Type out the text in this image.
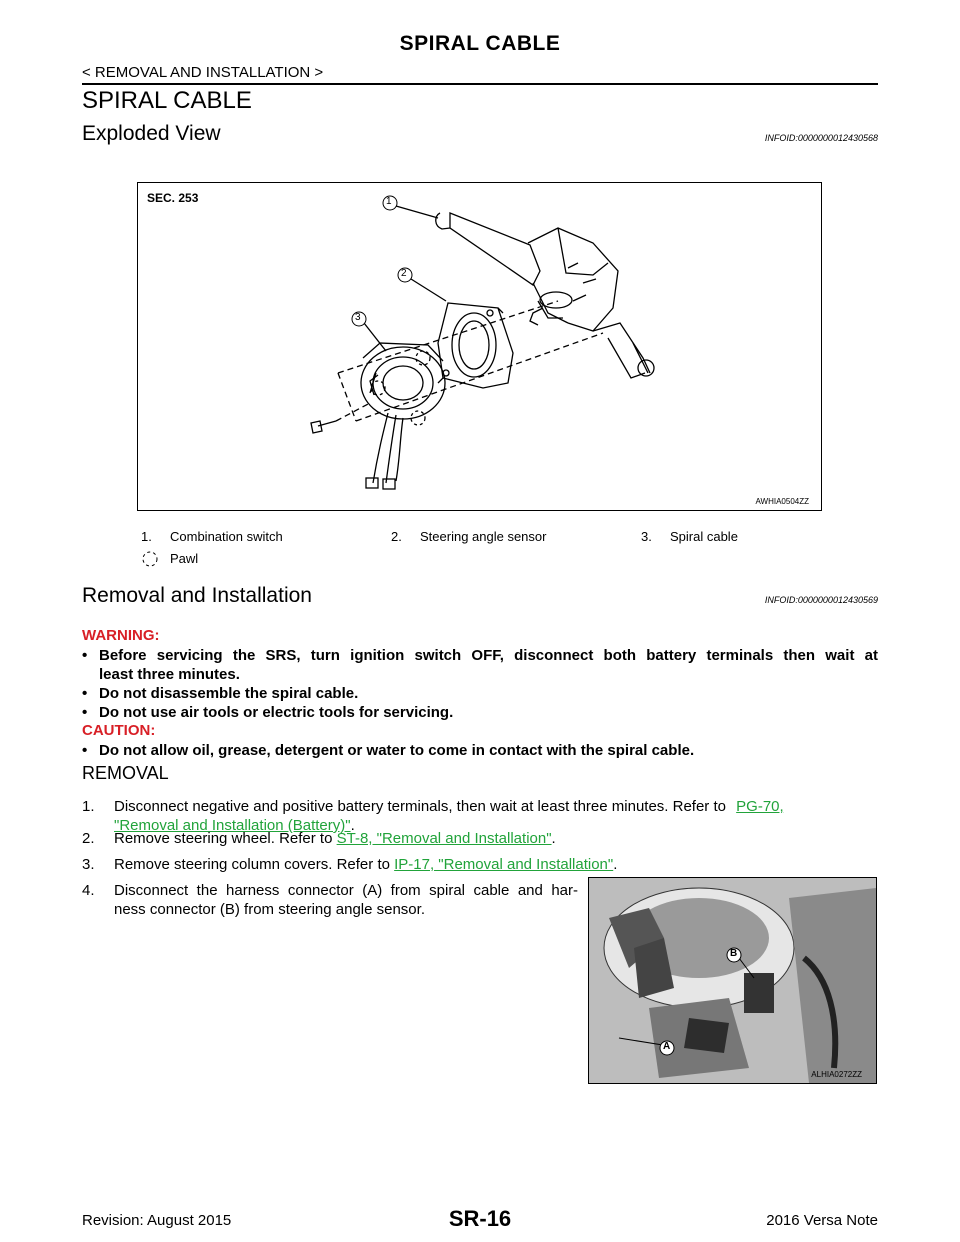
SPIRAL CABLE
< REMOVAL AND INSTALLATION >
SPIRAL CABLE
Exploded View	INFOID:0000000012430568
SEC. 253	1
2
3
AWHIA0504ZZ
1. Combination switch	2. Steering angle sensor	3. Spiral cable
Pawl
Removal and Installation	INFOID:0000000012430569
WARNING:
• Before servicing the SRS, turn ignition switch OFF, disconnect both battery terminals then wait at
least three minutes.
• Do not disassemble the spiral cable.
• Do not use air tools or electric tools for servicing.
CAUTION:
• Do not allow oil, grease, detergent or water to come in contact with the spiral cable.
REMOVAL
1. Disconnect negative and positive battery terminals, then wait at least three minutes. Refer to PG-70,
"Removal and Installation (Battery)".
2. Remove steering wheel. Refer to ST-8, "Removal and Installation".
3. Remove steering column covers. Refer to IP-17, "Removal and Installation".
4. Disconnect the harness connector (A) from spiral cable and har-
ness connector (B) from steering angle sensor.
A
B
ALHIA0272ZZ
Revision: August 2015	SR-16	2016 Versa Note
